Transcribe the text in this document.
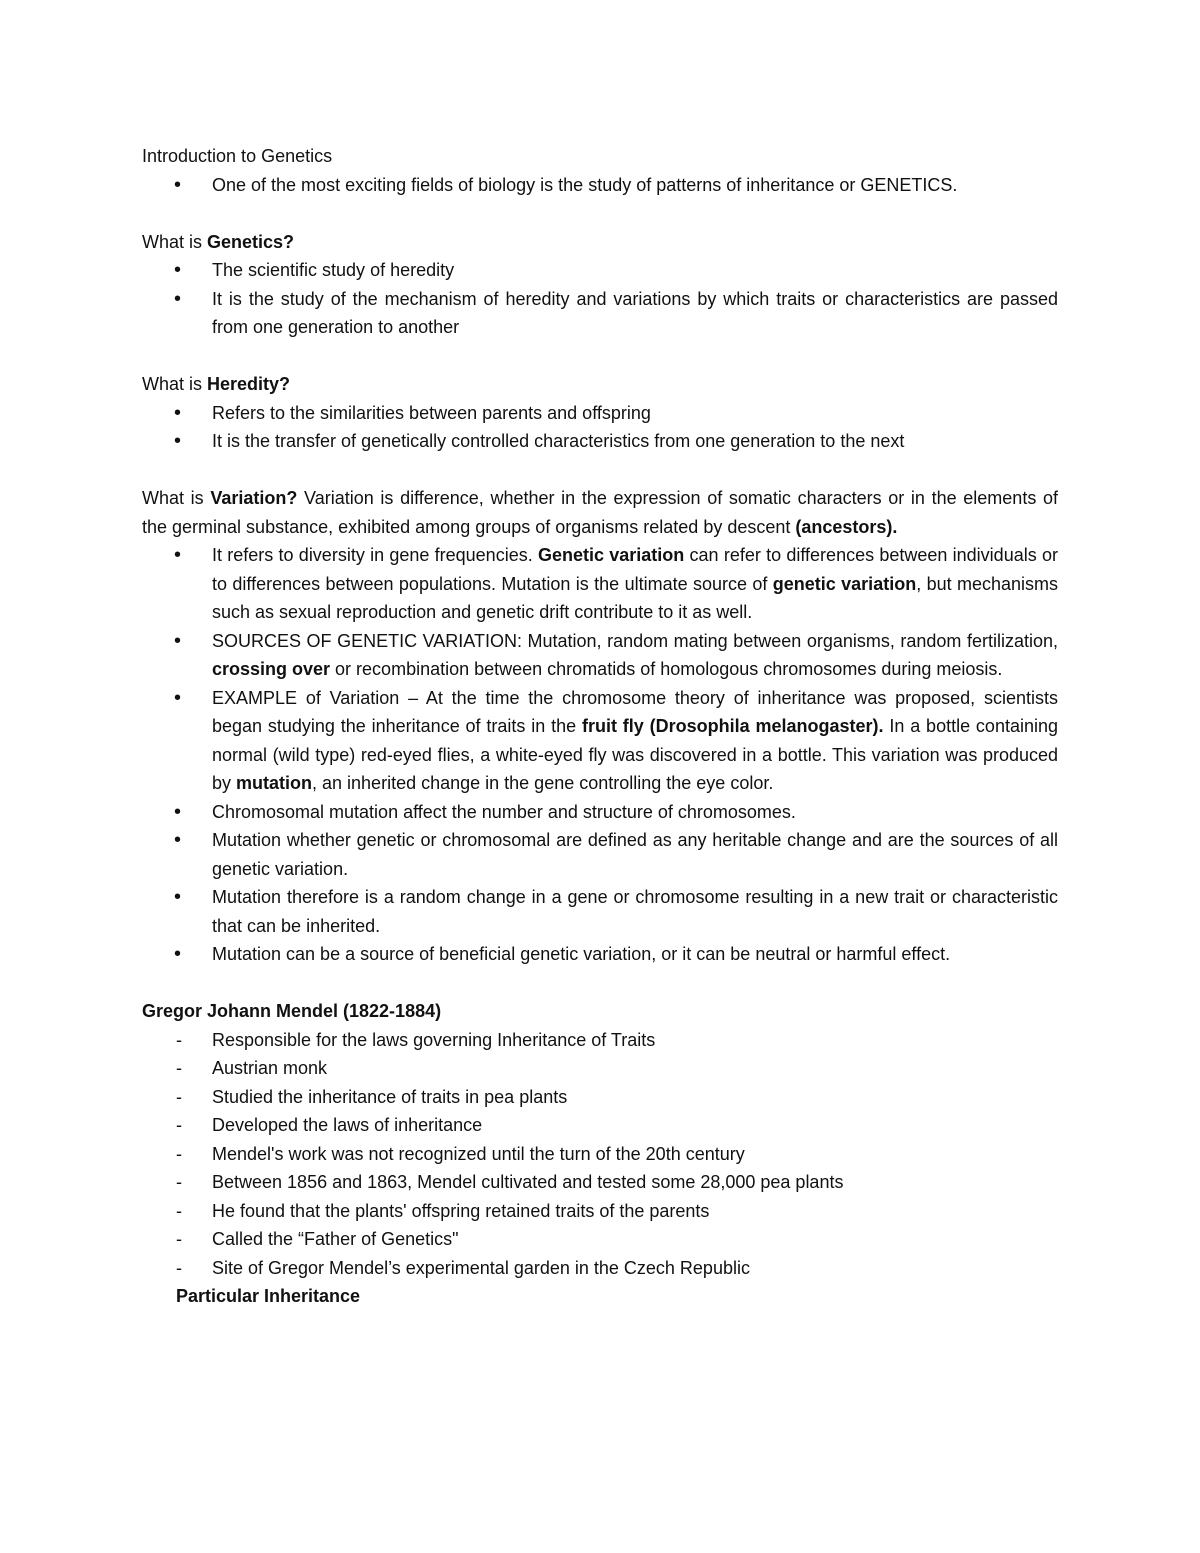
Introduction to Genetics

• One of the most exciting fields of biology is the study of patterns of inheritance or GENETICS.

What is Genetics?

• The scientific study of heredity
• It is the study of the mechanism of heredity and variations by which traits or characteristics are passed from one generation to another

What is Heredity?

• Refers to the similarities between parents and offspring
• It is the transfer of genetically controlled characteristics from one generation to the next

What is Variation? Variation is difference, whether in the expression of somatic characters or in the elements of the germinal substance, exhibited among groups of organisms related by descent (ancestors).

• It refers to diversity in gene frequencies. Genetic variation can refer to differences between individuals or to differences between populations. Mutation is the ultimate source of genetic variation, but mechanisms such as sexual reproduction and genetic drift contribute to it as well.
• SOURCES OF GENETIC VARIATION: Mutation, random mating between organisms, random fertilization, crossing over or recombination between chromatids of homologous chromosomes during meiosis.
• EXAMPLE of Variation – At the time the chromosome theory of inheritance was proposed, scientists began studying the inheritance of traits in the fruit fly (Drosophila melanogaster). In a bottle containing normal (wild type) red-eyed flies, a white-eyed fly was discovered in a bottle. This variation was produced by mutation, an inherited change in the gene controlling the eye color.
• Chromosomal mutation affect the number and structure of chromosomes.
• Mutation whether genetic or chromosomal are defined as any heritable change and are the sources of all genetic variation.
• Mutation therefore is a random change in a gene or chromosome resulting in a new trait or characteristic that can be inherited.
• Mutation can be a source of beneficial genetic variation, or it can be neutral or harmful effect.

Gregor Johann Mendel (1822-1884)

- Responsible for the laws governing Inheritance of Traits
- Austrian monk
- Studied the inheritance of traits in pea plants
- Developed the laws of inheritance
- Mendel's work was not recognized until the turn of the 20th century
- Between 1856 and 1863, Mendel cultivated and tested some 28,000 pea plants
- He found that the plants' offspring retained traits of the parents
- Called the “Father of Genetics"
- Site of Gregor Mendel’s experimental garden in the Czech Republic

Particular Inheritance
